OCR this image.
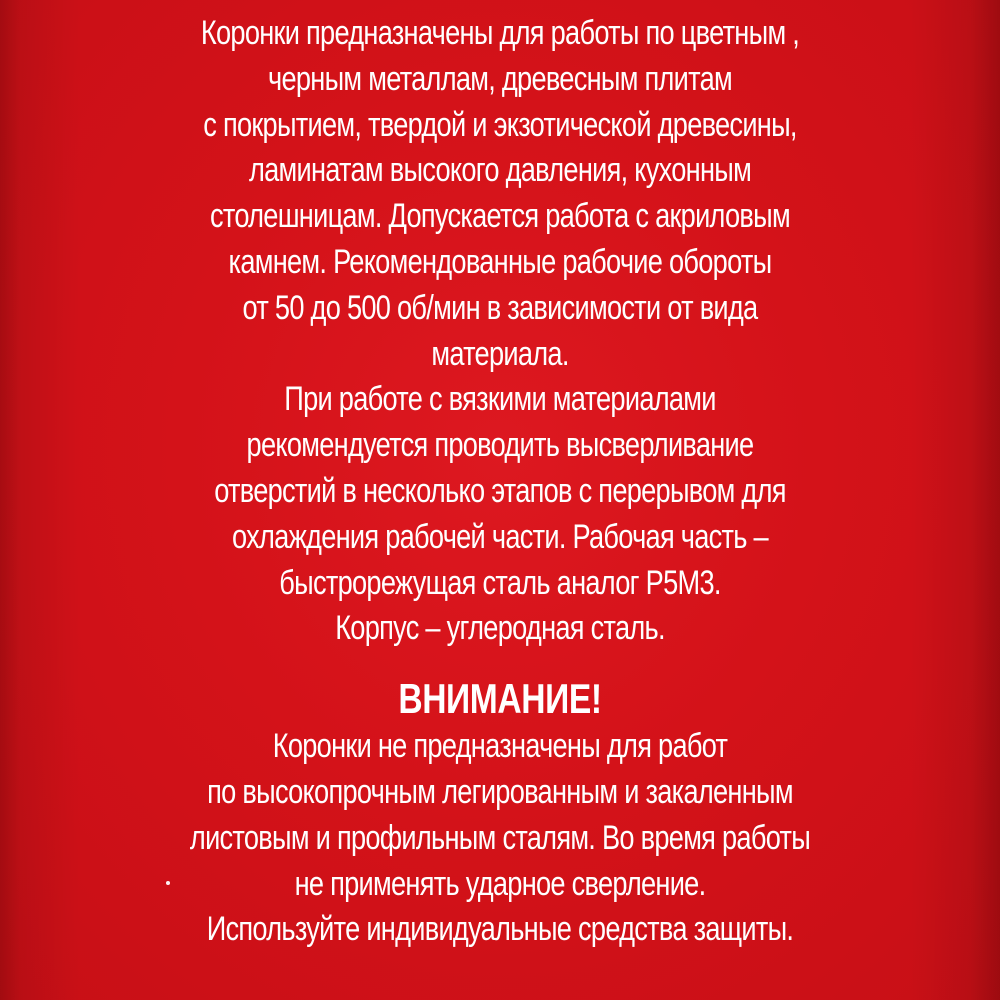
Коронки предназначены для работы по цветным ,
черным металлам, древесным плитам
с покрытием, твердой и экзотической древесины,
ламинатам высокого давления, кухонным
столешницам. Допускается работа с акриловым
камнем. Рекомендованные рабочие обороты
от 50 до 500 об/мин в зависимости от вида
материала.
При работе с вязкими материалами
рекомендуется проводить высверливание
отверстий в несколько этапов с перерывом для
охлаждения рабочей части. Рабочая часть –
быстрорежущая сталь аналог Р5М3.
Корпус – углеродная сталь.
ВНИМАНИЕ!
Коронки не предназначены для работ
по высокопрочным легированным и закаленным
листовым и профильным сталям. Во время работы
не применять ударное сверление.
Используйте индивидуальные средства защиты.
